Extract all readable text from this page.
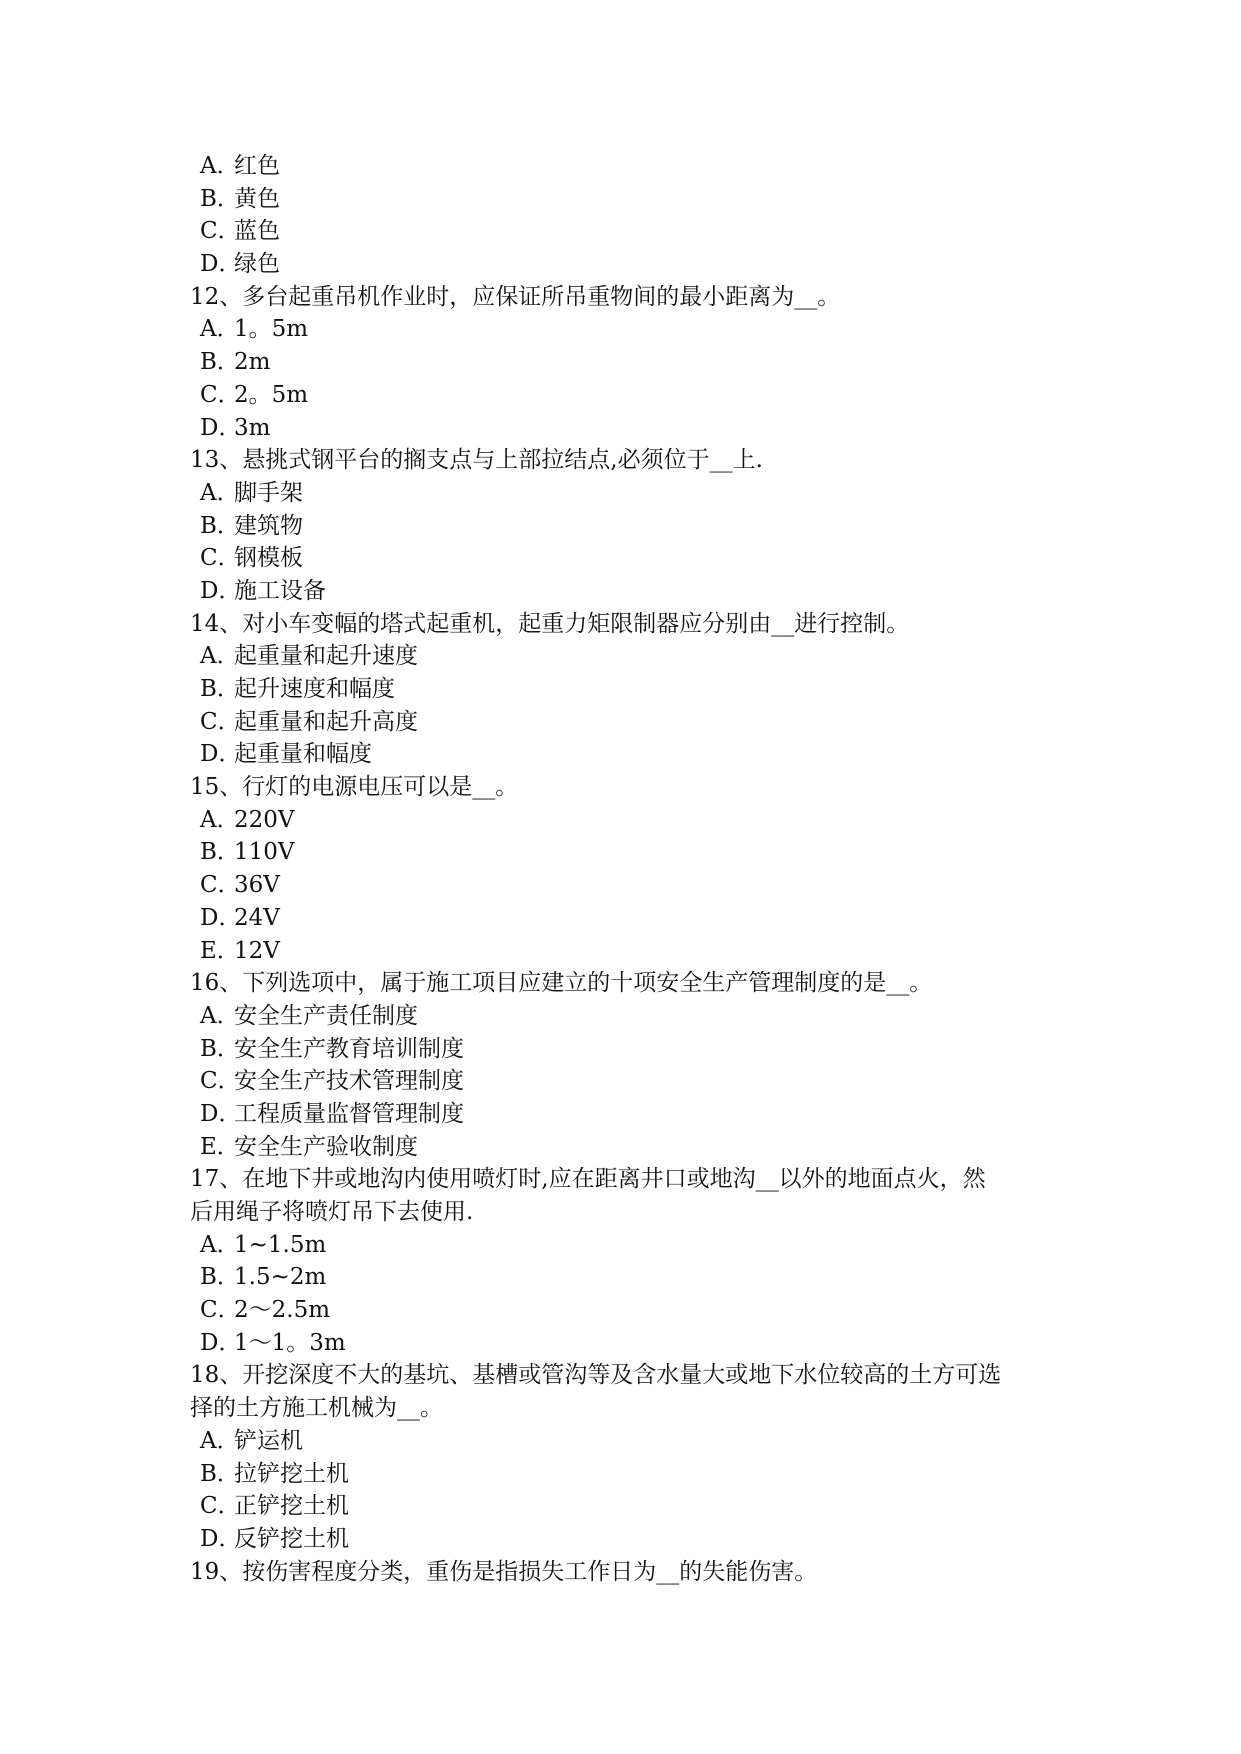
A．红色
B．黄色
C．蓝色
D．绿色
12、多台起重吊机作业时，应保证所吊重物间的最小距离为__。
A．1。5m
B．2m
C．2。5m
D．3m
13、悬挑式钢平台的搁支点与上部拉结点,必须位于__上.
A．脚手架
B．建筑物
C．钢模板
D．施工设备
14、对小车变幅的塔式起重机，起重力矩限制器应分别由__进行控制。
A．起重量和起升速度
B．起升速度和幅度
C．起重量和起升高度
D．起重量和幅度
15、行灯的电源电压可以是__。
A．220V
B．110V
C．36V
D．24V
E．12V
16、下列选项中，属于施工项目应建立的十项安全生产管理制度的是__。
A．安全生产责任制度
B．安全生产教育培训制度
C．安全生产技术管理制度
D．工程质量监督管理制度
E．安全生产验收制度
17、在地下井或地沟内使用喷灯时,应在距离井口或地沟__以外的地面点火，然
后用绳子将喷灯吊下去使用.
A．1~1.5m
B．1.5~2m
C．2～2.5m
D．1～1。3m
18、开挖深度不大的基坑、基槽或管沟等及含水量大或地下水位较高的土方可选
择的土方施工机械为__。
A．铲运机
B．拉铲挖土机
C．正铲挖土机
D．反铲挖土机
19、按伤害程度分类，重伤是指损失工作日为__的失能伤害。
